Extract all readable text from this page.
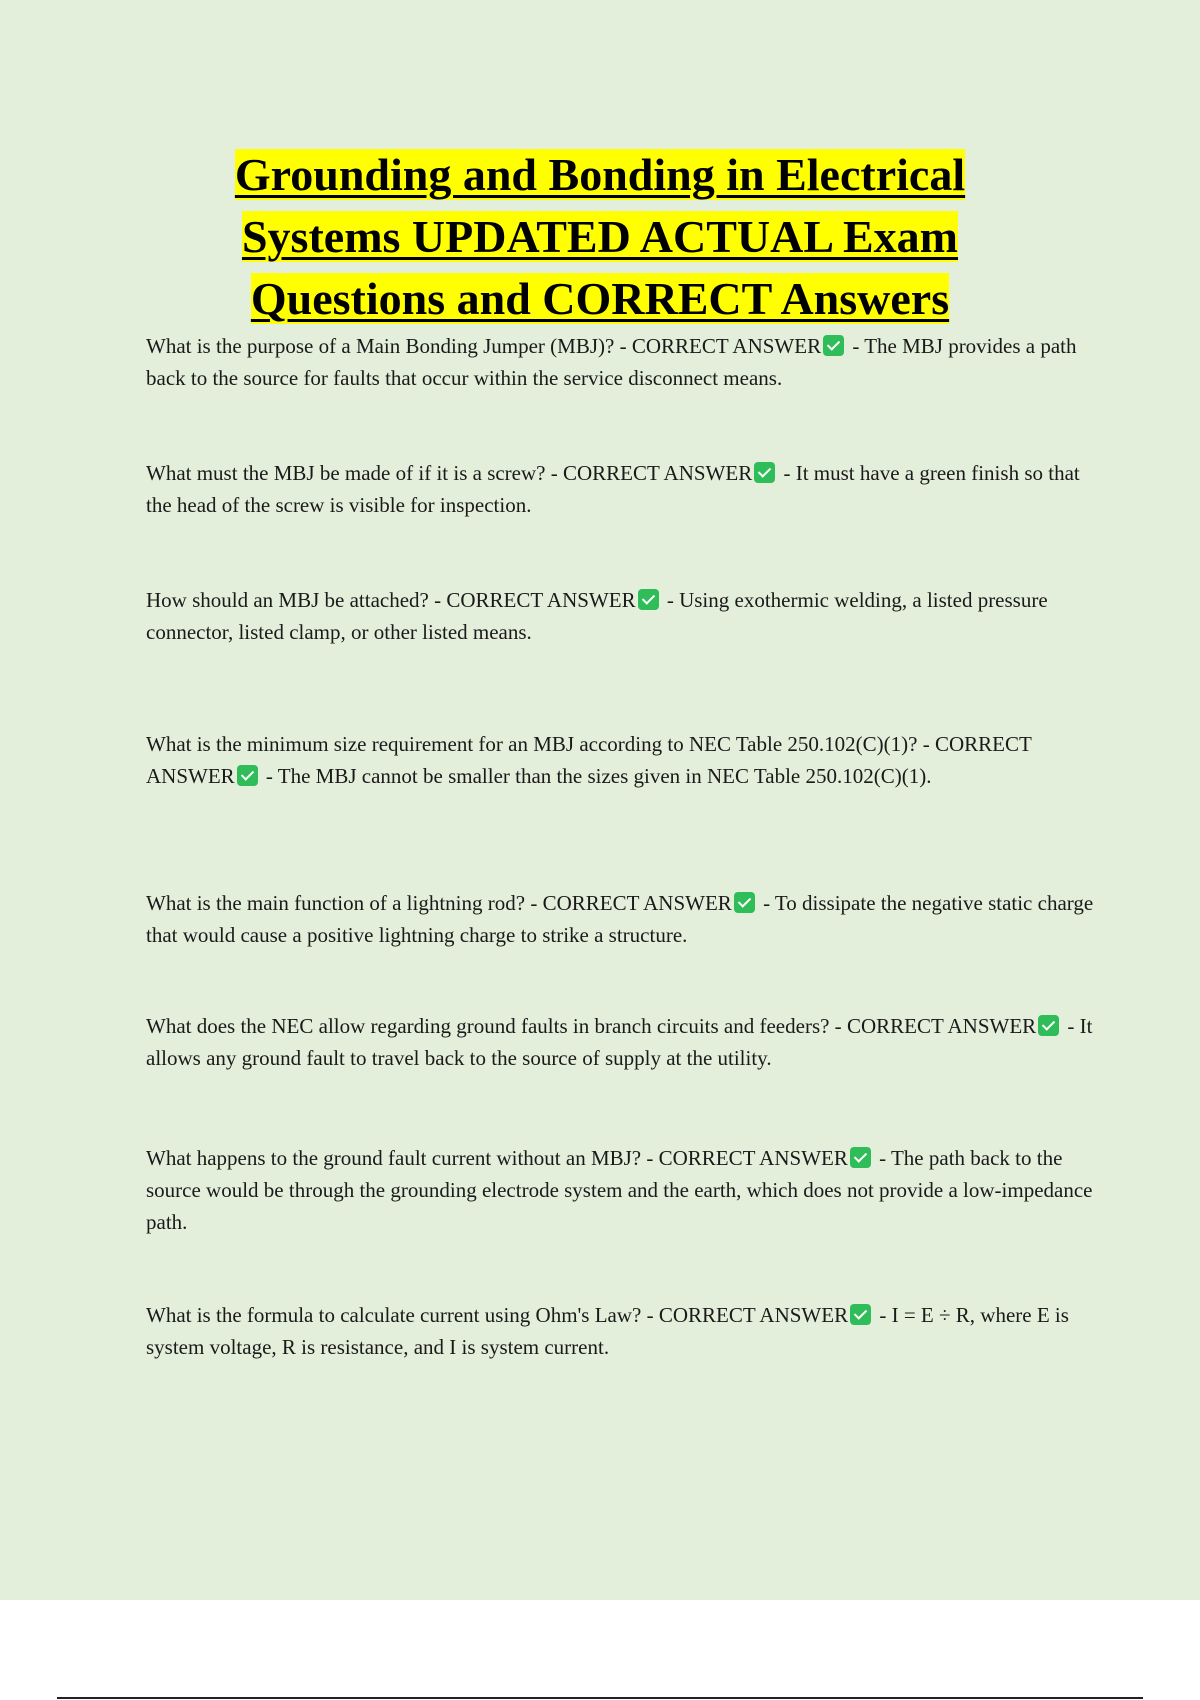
Grounding and Bonding in Electrical Systems UPDATED ACTUAL Exam Questions and CORRECT Answers

What is the purpose of a Main Bonding Jumper (MBJ)? - CORRECT ANSWER - The MBJ provides a path back to the source for faults that occur within the service disconnect means.

What must the MBJ be made of if it is a screw? - CORRECT ANSWER - It must have a green finish so that the head of the screw is visible for inspection.

How should an MBJ be attached? - CORRECT ANSWER - Using exothermic welding, a listed pressure connector, listed clamp, or other listed means.

What is the minimum size requirement for an MBJ according to NEC Table 250.102(C)(1)? - CORRECT ANSWER - The MBJ cannot be smaller than the sizes given in NEC Table 250.102(C)(1).

What is the main function of a lightning rod? - CORRECT ANSWER - To dissipate the negative static charge that would cause a positive lightning charge to strike a structure.

What does the NEC allow regarding ground faults in branch circuits and feeders? - CORRECT ANSWER - It allows any ground fault to travel back to the source of supply at the utility.

What happens to the ground fault current without an MBJ? - CORRECT ANSWER - The path back to the source would be through the grounding electrode system and the earth, which does not provide a low-impedance path.

What is the formula to calculate current using Ohm's Law? - CORRECT ANSWER - I = E ÷ R, where E is system voltage, R is resistance, and I is system current.
